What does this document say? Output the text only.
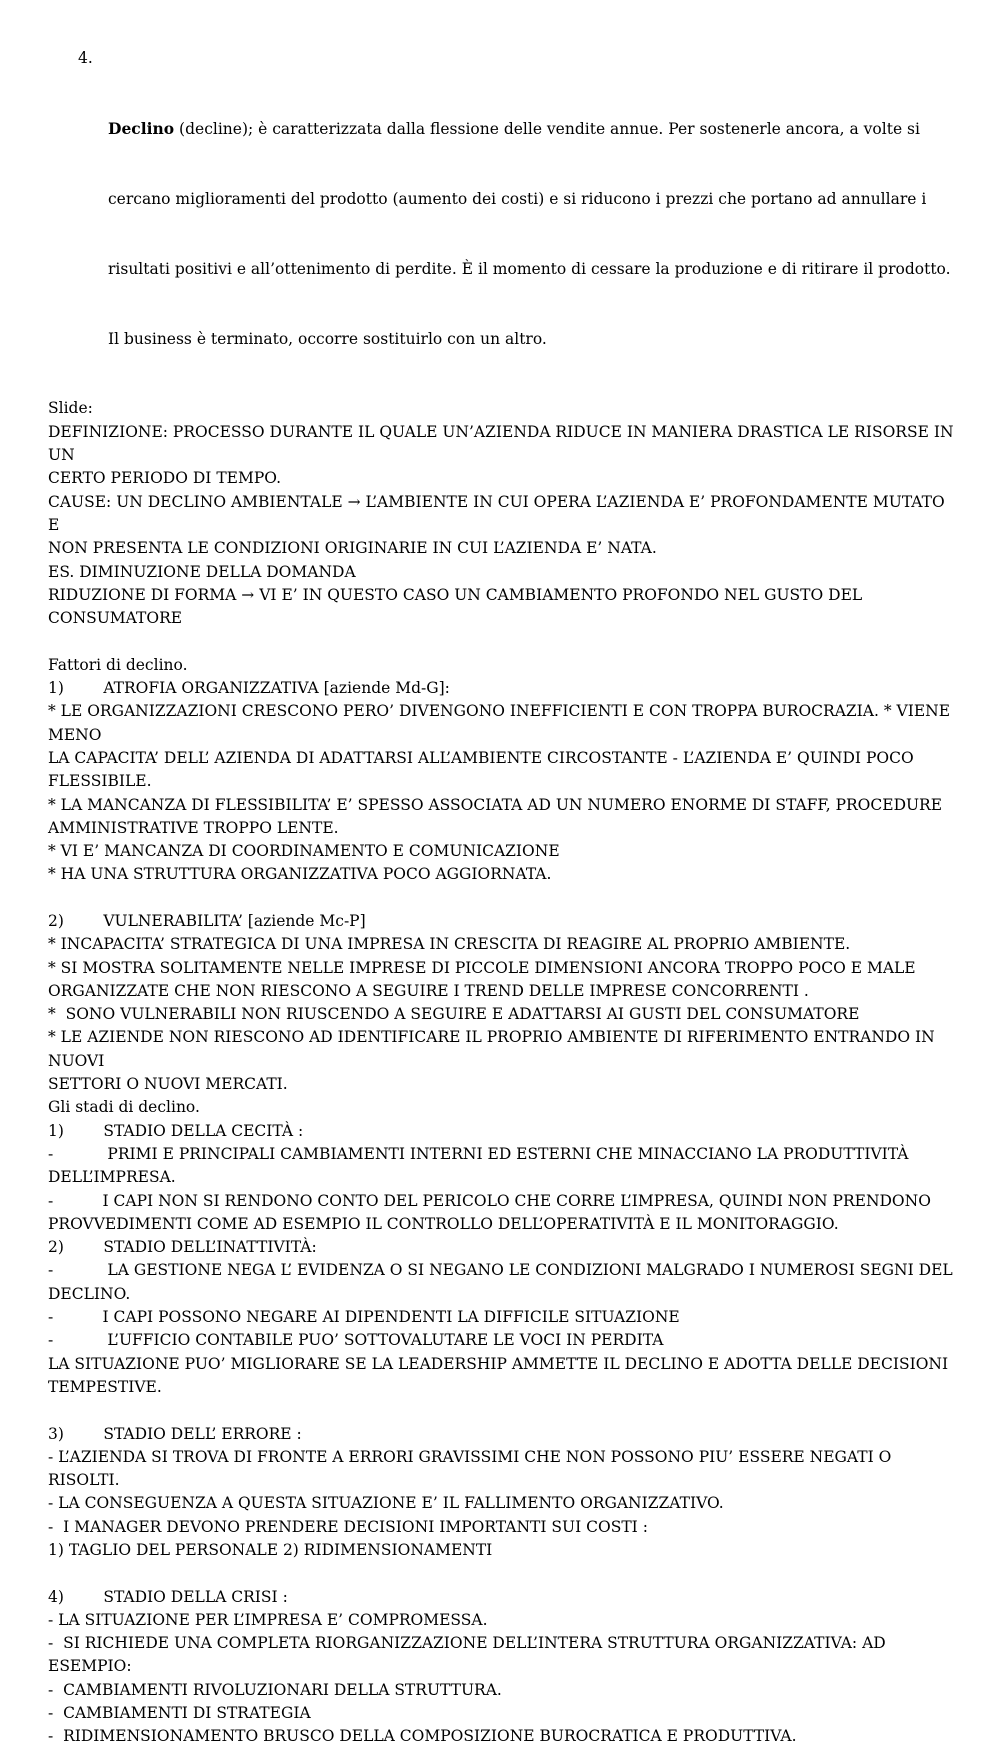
4.

Declino (decline); è caratterizzata dalla flessione delle vendite annue. Per sostenerle ancora, a volte si

cercano miglioramenti del prodotto (aumento dei costi) e si riducono i prezzi che portano ad annullare i

risultati positivi e all’ottenimento di perdite. È il momento di cessare la produzione e di ritirare il prodotto.

Il business è terminato, occorre sostituirlo con un altro.

Slide:
DEFINIZIONE: PROCESSO DURANTE IL QUALE UN’AZIENDA RIDUCE IN MANIERA DRASTICA LE RISORSE IN UN
CERTO PERIODO DI TEMPO.
CAUSE: UN DECLINO AMBIENTALE → L’AMBIENTE IN CUI OPERA L’AZIENDA E’ PROFONDAMENTE MUTATO E
NON PRESENTA LE CONDIZIONI ORIGINARIE IN CUI L’AZIENDA E’ NATA.
ES. DIMINUZIONE DELLA DOMANDA
RIDUZIONE DI FORMA → VI E’ IN QUESTO CASO UN CAMBIAMENTO PROFONDO NEL GUSTO DEL CONSUMATORE
Fattori di declino.
1)        ATROFIA ORGANIZZATIVA [aziende Md-G]:
* LE ORGANIZZAZIONI CRESCONO PERO’ DIVENGONO INEFFICIENTI E CON TROPPA BUROCRAZIA. * VIENE MENO
LA CAPACITA’ DELL’ AZIENDA DI ADATTARSI ALL’AMBIENTE CIRCOSTANTE - L’AZIENDA E’ QUINDI POCO
FLESSIBILE.
* LA MANCANZA DI FLESSIBILITA’ E’ SPESSO ASSOCIATA AD UN NUMERO ENORME DI STAFF, PROCEDURE
AMMINISTRATIVE TROPPO LENTE.
* VI E’ MANCANZA DI COORDINAMENTO E COMUNICAZIONE
* HA UNA STRUTTURA ORGANIZZATIVA POCO AGGIORNATA.
2)        VULNERABILITA’ [aziende Mc-P]
* INCAPACITA’ STRATEGICA DI UNA IMPRESA IN CRESCITA DI REAGIRE AL PROPRIO AMBIENTE.
* SI MOSTRA SOLITAMENTE NELLE IMPRESE DI PICCOLE DIMENSIONI ANCORA TROPPO POCO E MALE
ORGANIZZATE CHE NON RIESCONO A SEGUIRE I TREND DELLE IMPRESE CONCORRENTI .
*  SONO VULNERABILI NON RIUSCENDO A SEGUIRE E ADATTARSI AI GUSTI DEL CONSUMATORE
* LE AZIENDE NON RIESCONO AD IDENTIFICARE IL PROPRIO AMBIENTE DI RIFERIMENTO ENTRANDO IN NUOVI
SETTORI O NUOVI MERCATI.
Gli stadi di declino.
1)        STADIO DELLA CECITÀ :
-           PRIMI E PRINCIPALI CAMBIAMENTI INTERNI ED ESTERNI CHE MINACCIANO LA PRODUTTIVITÀ
DELL’IMPRESA.
-          I CAPI NON SI RENDONO CONTO DEL PERICOLO CHE CORRE L’IMPRESA, QUINDI NON PRENDONO
PROVVEDIMENTI COME AD ESEMPIO IL CONTROLLO DELL’OPERATIVITÀ E IL MONITORAGGIO.
2)        STADIO DELL’INATTIVITÀ:
-           LA GESTIONE NEGA L’ EVIDENZA O SI NEGANO LE CONDIZIONI MALGRADO I NUMEROSI SEGNI DEL
DECLINO.
-          I CAPI POSSONO NEGARE AI DIPENDENTI LA DIFFICILE SITUAZIONE
-           L’UFFICIO CONTABILE PUO’ SOTTOVALUTARE LE VOCI IN PERDITA
LA SITUAZIONE PUO’ MIGLIORARE SE LA LEADERSHIP AMMETTE IL DECLINO E ADOTTA DELLE DECISIONI
TEMPESTIVE.
3)        STADIO DELL’ ERRORE :
- L’AZIENDA SI TROVA DI FRONTE A ERRORI GRAVISSIMI CHE NON POSSONO PIU’ ESSERE NEGATI O RISOLTI.
- LA CONSEGUENZA A QUESTA SITUAZIONE E’ IL FALLIMENTO ORGANIZZATIVO.
-  I MANAGER DEVONO PRENDERE DECISIONI IMPORTANTI SUI COSTI :
1) TAGLIO DEL PERSONALE 2) RIDIMENSIONAMENTI
4)        STADIO DELLA CRISI :
- LA SITUAZIONE PER L’IMPRESA E’ COMPROMESSA.
-  SI RICHIEDE UNA COMPLETA RIORGANIZZAZIONE DELL’INTERA STRUTTURA ORGANIZZATIVA: AD ESEMPIO:
-  CAMBIAMENTI RIVOLUZIONARI DELLA STRUTTURA.
-  CAMBIAMENTI DI STRATEGIA
-  RIDIMENSIONAMENTO BRUSCO DELLA COMPOSIZIONE BUROCRATICA E PRODUTTIVA.
